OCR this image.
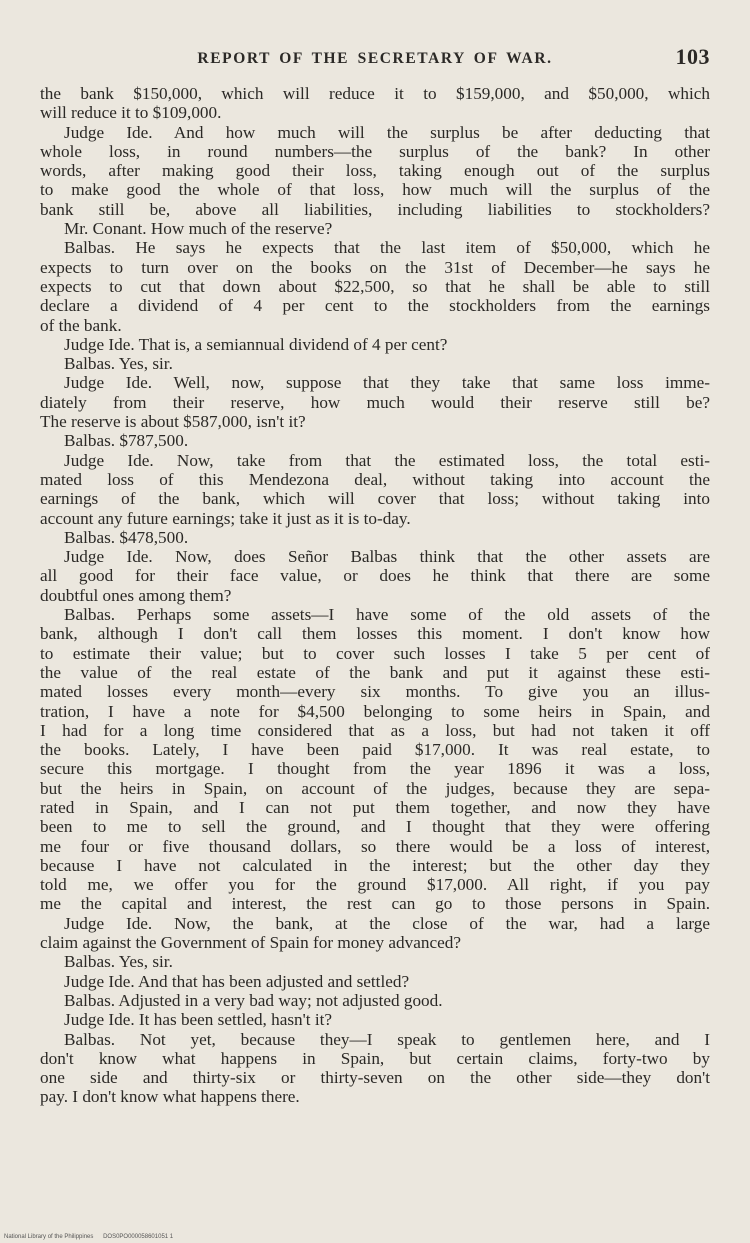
REPORT OF THE SECRETARY OF WAR.	103
the bank $150,000, which will reduce it to $159,000, and $50,000, which
will reduce it to $109,000.
Judge Ide. And how much will the surplus be after deducting that
whole loss, in round numbers—the surplus of the bank? In other
words, after making good their loss, taking enough out of the surplus
to make good the whole of that loss, how much will the surplus of the
bank still be, above all liabilities, including liabilities to stockholders?
Mr. Conant. How much of the reserve?
Balbas. He says he expects that the last item of $50,000, which he
expects to turn over on the books on the 31st of December—he says he
expects to cut that down about $22,500, so that he shall be able to still
declare a dividend of 4 per cent to the stockholders from the earnings
of the bank.
Judge Ide. That is, a semiannual dividend of 4 per cent?
Balbas. Yes, sir.
Judge Ide. Well, now, suppose that they take that same loss imme-
diately from their reserve, how much would their reserve still be?
The reserve is about $587,000, isn't it?
Balbas. $787,500.
Judge Ide. Now, take from that the estimated loss, the total esti-
mated loss of this Mendezona deal, without taking into account the
earnings of the bank, which will cover that loss; without taking into
account any future earnings; take it just as it is to-day.
Balbas. $478,500.
Judge Ide. Now, does Señor Balbas think that the other assets are
all good for their face value, or does he think that there are some
doubtful ones among them?
Balbas. Perhaps some assets—I have some of the old assets of the
bank, although I don't call them losses this moment. I don't know how
to estimate their value; but to cover such losses I take 5 per cent of
the value of the real estate of the bank and put it against these esti-
mated losses every month—every six months. To give you an illus-
tration, I have a note for $4,500 belonging to some heirs in Spain, and
I had for a long time considered that as a loss, but had not taken it off
the books. Lately, I have been paid $17,000. It was real estate, to
secure this mortgage. I thought from the year 1896 it was a loss,
but the heirs in Spain, on account of the judges, because they are sepa-
rated in Spain, and I can not put them together, and now they have
been to me to sell the ground, and I thought that they were offering
me four or five thousand dollars, so there would be a loss of interest,
because I have not calculated in the interest; but the other day they
told me, we offer you for the ground $17,000. All right, if you pay
me the capital and interest, the rest can go to those persons in Spain.
Judge Ide. Now, the bank, at the close of the war, had a large
claim against the Government of Spain for money advanced?
Balbas. Yes, sir.
Judge Ide. And that has been adjusted and settled?
Balbas. Adjusted in a very bad way; not adjusted good.
Judge Ide. It has been settled, hasn't it?
Balbas. Not yet, because they—I speak to gentlemen here, and I
don't know what happens in Spain, but certain claims, forty-two by
one side and thirty-six or thirty-seven on the other side—they don't
pay. I don't know what happens there.
National Library of the Philippines DOS0PO000058601051 1
